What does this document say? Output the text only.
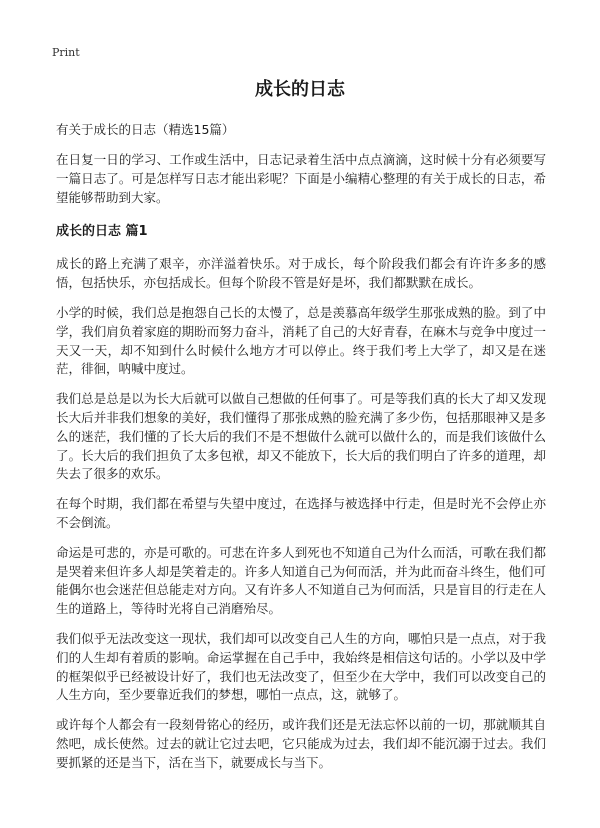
Print
成长的日志

有关于成长的日志（精选15篇）

在日复一日的学习、工作或生活中，日志记录着生活中点点滴滴，这时候十分有必须要写一篇日志了。可是怎样写日志才能出彩呢？下面是小编精心整理的有关于成长的日志，希望能够帮助到大家。

成长的日志 篇1

成长的路上充满了艰辛，亦洋溢着快乐。对于成长，每个阶段我们都会有许许多多的感悟，包括快乐，亦包括成长。但每个阶段不管是好是坏，我们都默默在成长。

小学的时候，我们总是抱怨自己长的太慢了，总是羡慕高年级学生那张成熟的脸。到了中学，我们肩负着家庭的期盼而努力奋斗，消耗了自己的大好青春，在麻木与竞争中度过一天又一天，却不知到什么时候什么地方才可以停止。终于我们考上大学了，却又是在迷茫，徘徊，呐喊中度过。

我们总是总是以为长大后就可以做自己想做的任何事了。可是等我们真的长大了却又发现长大后并非我们想象的美好，我们懂得了那张成熟的脸充满了多少伤，包括那眼神又是多么的迷茫，我们懂的了长大后的我们不是不想做什么就可以做什么的，而是我们该做什么了。长大后的我们担负了太多包袱，却又不能放下，长大后的我们明白了许多的道理，却失去了很多的欢乐。

在每个时期，我们都在希望与失望中度过，在选择与被选择中行走，但是时光不会停止亦不会倒流。

命运是可悲的，亦是可歌的。可悲在许多人到死也不知道自己为什么而活，可歌在我们都是哭着来但许多人却是笑着走的。许多人知道自己为何而活，并为此而奋斗终生，他们可能偶尔也会迷茫但总能走对方向。又有许多人不知道自己为何而活，只是盲目的行走在人生的道路上，等待时光将自己消磨殆尽。

我们似乎无法改变这一现状，我们却可以改变自己人生的方向，哪怕只是一点点，对于我们的人生却有着质的影响。命运掌握在自己手中，我始终是相信这句话的。小学以及中学的框架似乎已经被设计好了，我们也无法改变了，但至少在大学中，我们可以改变自己的人生方向，至少要靠近我们的梦想，哪怕一点点，这，就够了。

或许每个人都会有一段刻骨铭心的经历，或许我们还是无法忘怀以前的一切，那就顺其自然吧，成长使然。过去的就让它过去吧，它只能成为过去，我们却不能沉溺于过去。我们要抓紧的还是当下，活在当下，就要成长与当下。
